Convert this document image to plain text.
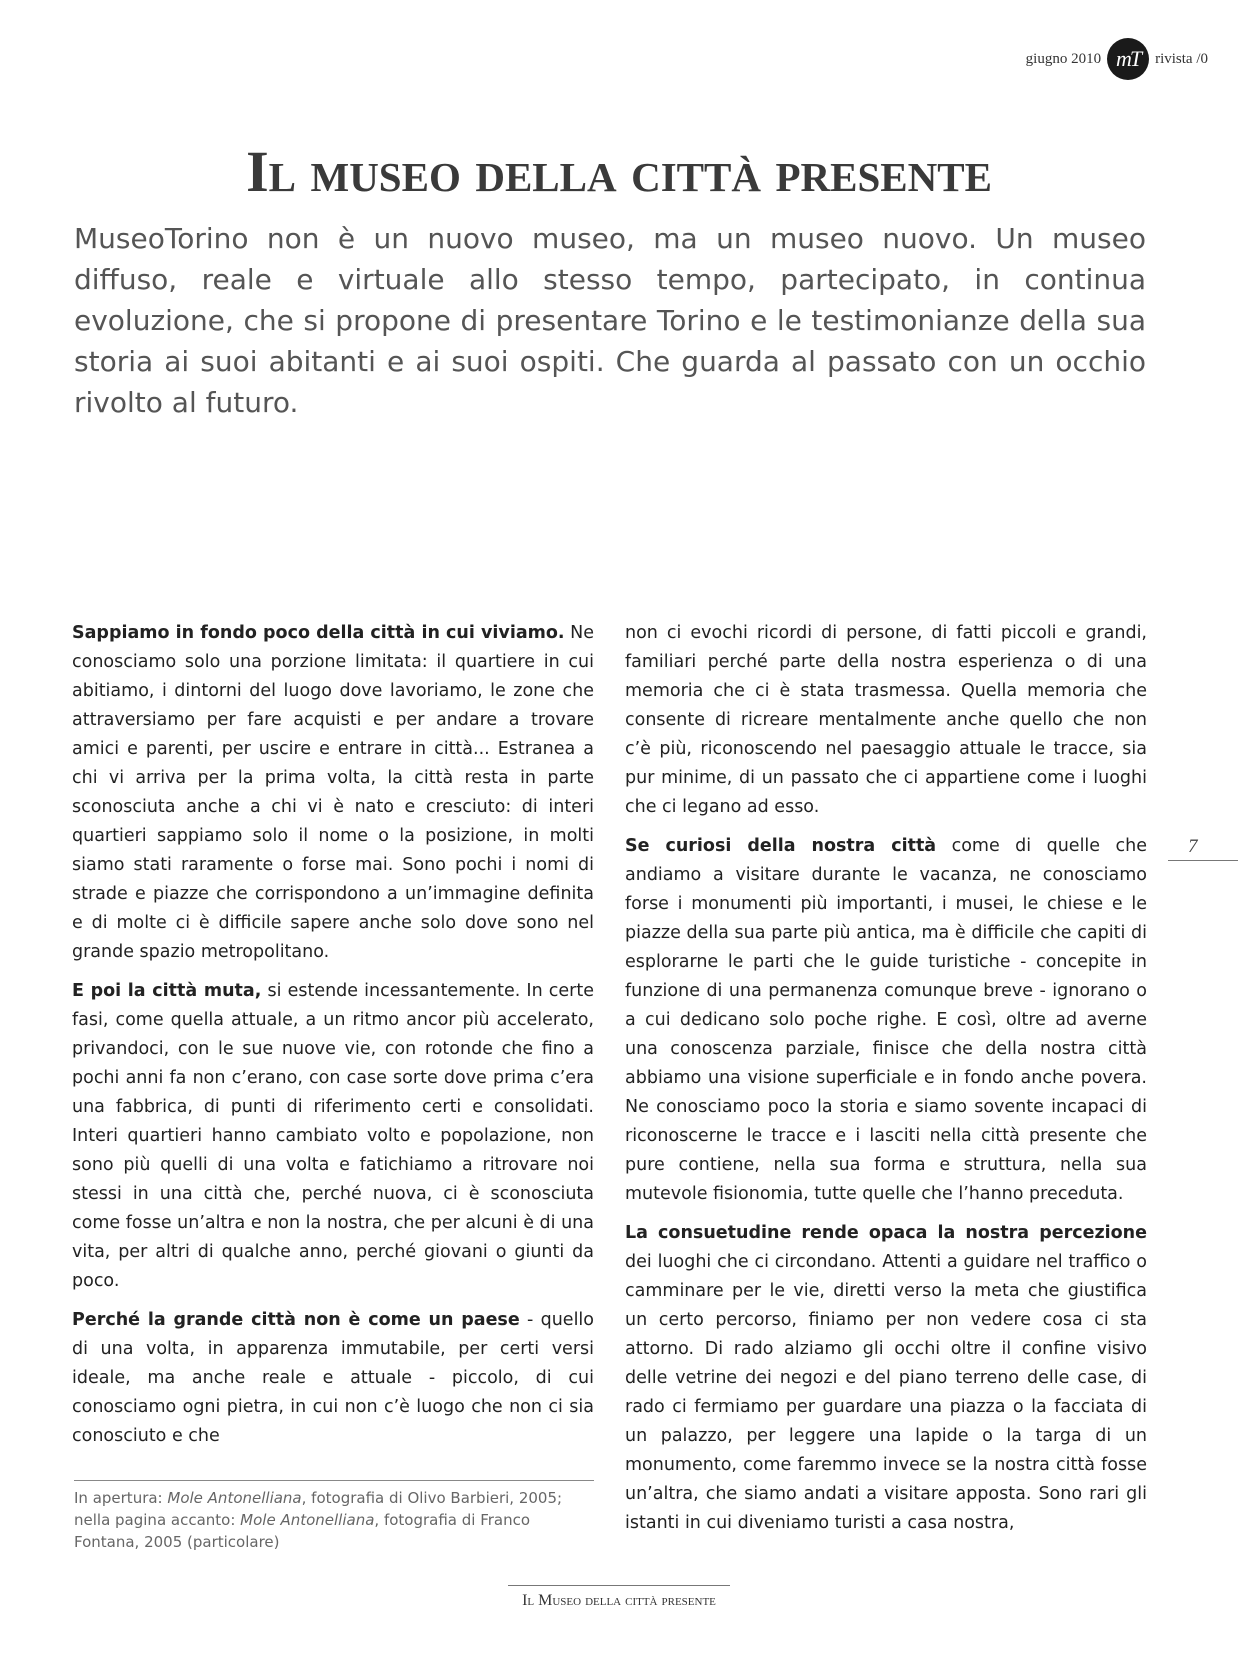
giugno 2010 mT rivista /0
Il museo della città presente

MuseoTorino non è un nuovo museo, ma un museo nuovo. Un museo diffuso, reale e virtuale allo stesso tempo, partecipato, in continua evoluzione, che si propone di presentare Torino e le testimonianze della sua storia ai suoi abitanti e ai suoi ospiti. Che guarda al passato con un occhio rivolto al futuro.

Sappiamo in fondo poco della città in cui viviamo. Ne conosciamo solo una porzione limitata: il quartiere in cui abitiamo, i dintorni del luogo dove lavoriamo, le zone che attraversiamo per fare acquisti e per andare a trovare amici e parenti, per uscire e entrare in città... Estranea a chi vi arriva per la prima volta, la città resta in parte sconosciuta anche a chi vi è nato e cresciuto: di interi quartieri sappiamo solo il nome o la posizione, in molti siamo stati raramente o forse mai. Sono pochi i nomi di strade e piazze che corrispondono a un’immagine definita e di molte ci è difficile sapere anche solo dove sono nel grande spazio metropolitano.

E poi la città muta, si estende incessantemente. In certe fasi, come quella attuale, a un ritmo ancor più accelerato, privandoci, con le sue nuove vie, con rotonde che fino a pochi anni fa non c’erano, con case sorte dove prima c’era una fabbrica, di punti di riferimento certi e consolidati. Interi quartieri hanno cambiato volto e popolazione, non sono più quelli di una volta e fatichiamo a ritrovare noi stessi in una città che, perché nuova, ci è sconosciuta come fosse un’altra e non la nostra, che per alcuni è di una vita, per altri di qualche anno, perché giovani o giunti da poco.

Perché la grande città non è come un paese - quello di una volta, in apparenza immutabile, per certi versi ideale, ma anche reale e attuale - piccolo, di cui conosciamo ogni pietra, in cui non c’è luogo che non ci sia conosciuto e che

non ci evochi ricordi di persone, di fatti piccoli e grandi, familiari perché parte della nostra esperienza o di una memoria che ci è stata trasmessa. Quella memoria che consente di ricreare mentalmente anche quello che non c’è più, riconoscendo nel paesaggio attuale le tracce, sia pur minime, di un passato che ci appartiene come i luoghi che ci legano ad esso.

Se curiosi della nostra città come di quelle che andiamo a visitare durante le vacanza, ne conosciamo forse i monumenti più importanti, i musei, le chiese e le piazze della sua parte più antica, ma è difficile che capiti di esplorarne le parti che le guide turistiche - concepite in funzione di una permanenza comunque breve - ignorano o a cui dedicano solo poche righe. E così, oltre ad averne una conoscenza parziale, finisce che della nostra città abbiamo una visione superficiale e in fondo anche povera. Ne conosciamo poco la storia e siamo sovente incapaci di riconoscerne le tracce e i lasciti nella città presente che pure contiene, nella sua forma e struttura, nella sua mutevole fisionomia, tutte quelle che l’hanno preceduta.

La consuetudine rende opaca la nostra percezione dei luoghi che ci circondano. Attenti a guidare nel traffico o camminare per le vie, diretti verso la meta che giustifica un certo percorso, finiamo per non vedere cosa ci sta attorno. Di rado alziamo gli occhi oltre il confine visivo delle vetrine dei negozi e del piano terreno delle case, di rado ci fermiamo per guardare una piazza o la facciata di un palazzo, per leggere una lapide o la targa di un monumento, come faremmo invece se la nostra città fosse un’altra, che siamo andati a visitare apposta. Sono rari gli istanti in cui diveniamo turisti a casa nostra,

7
In apertura: Mole Antonelliana, fotografia di Olivo Barbieri, 2005; nella pagina accanto: Mole Antonelliana, fotografia di Franco Fontana, 2005 (particolare)
Il Museo della città presente
